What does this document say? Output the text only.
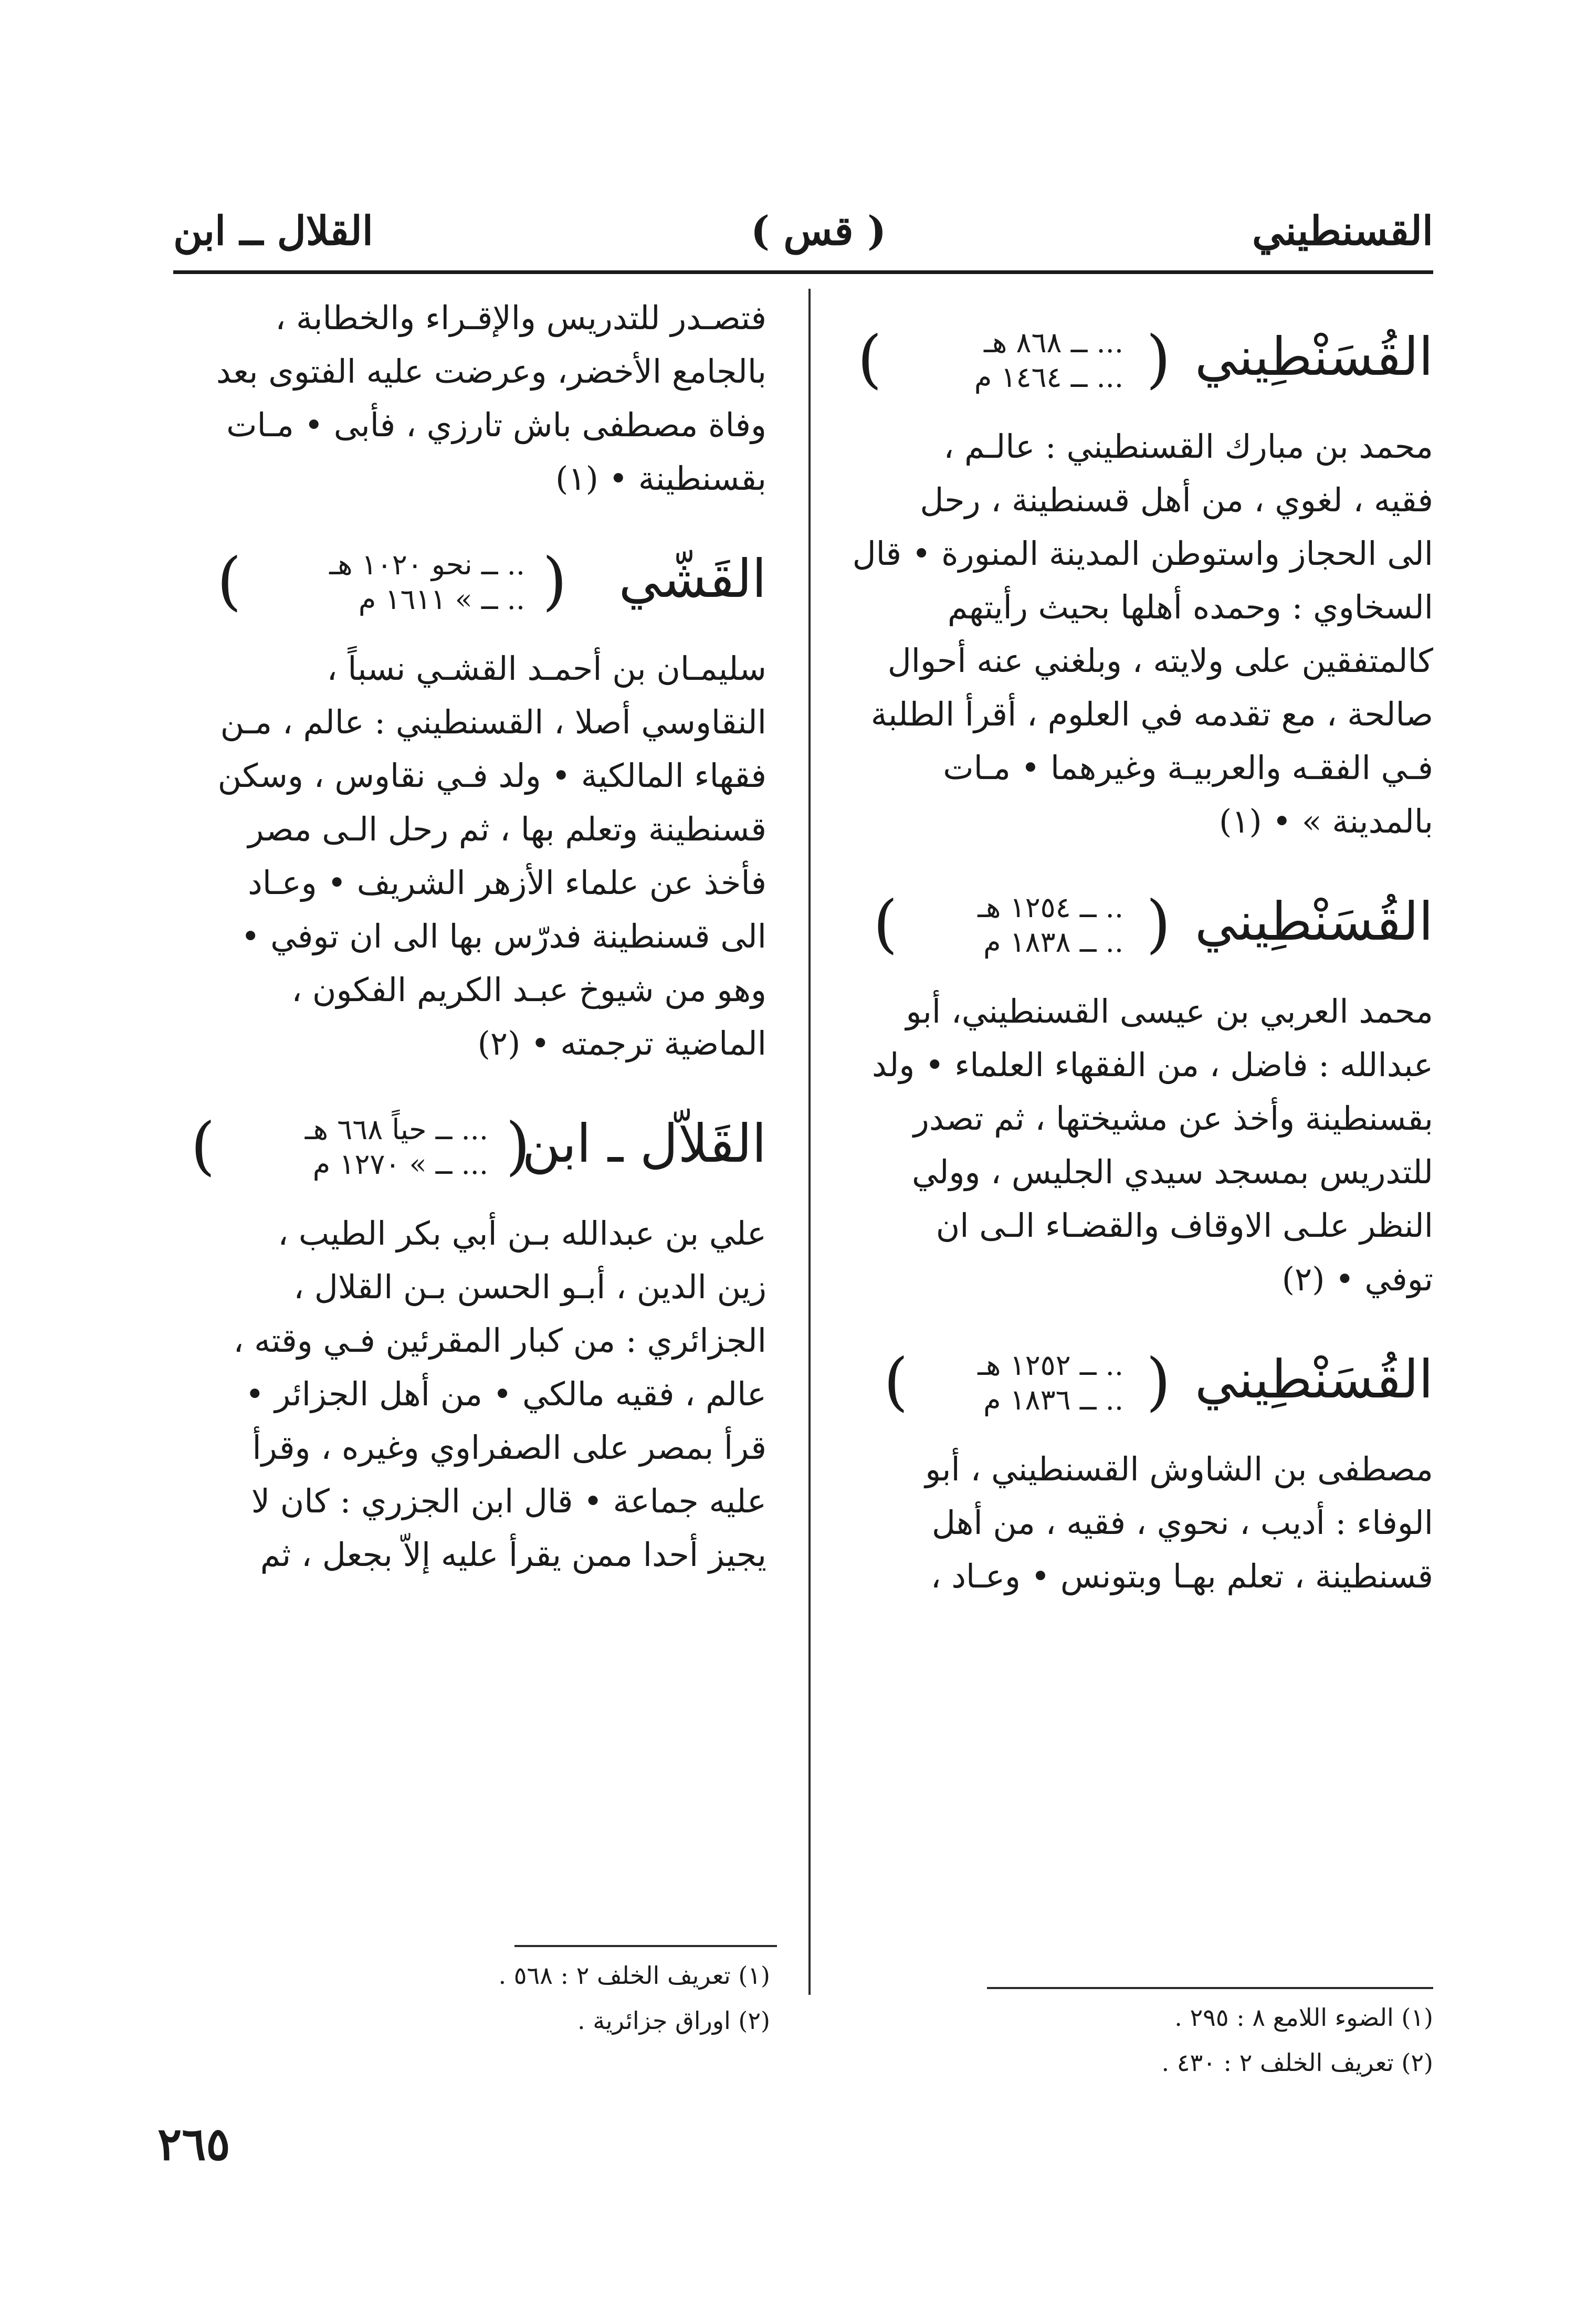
القسنطيني
( قس )
القلال ــ ابن
القُسَنْطِيني
(
... ــ ٨٦٨ هـ
... ــ ١٤٦٤ م
)
محمد بن مبارك القسنطيني : عالـم ،
فقيه ، لغوي ، من أهل قسنطينة ، رحل
الى الحجاز واستوطن المدينة المنورة • قال
السخاوي : وحمده أهلها بحيث رأيتهم
كالمتفقين على ولايته ، وبلغني عنه أحوال
صالحة ، مع تقدمه في العلوم ، أقرأ الطلبة
فـي الفقـه والعربيـة وغيرهما • مـات
بالمدينة » • (١)
القُسَنْطِيني
(
.. ــ ١٢٥٤ هـ
.. ــ ١٨٣٨ م
)
محمد العربي بن عيسى القسنطيني، أبو
عبدالله : فاضل ، من الفقهاء العلماء • ولد
بقسنطينة وأخذ عن مشيختها ، ثم تصدر
للتدريس بمسجد سيدي الجليس ، وولي
النظر علـى الاوقاف والقضـاء الـى ان
توفي • (٢)
القُسَنْطِيني
(
.. ــ ١٢٥٢ هـ
.. ــ ١٨٣٦ م
)
مصطفى بن الشاوش القسنطيني ، أبو
الوفاء : أديب ، نحوي ، فقيه ، من أهل
قسنطينة ، تعلم بهـا وبتونس • وعـاد ،
(١) الضوء اللامع ٨ : ٢٩٥ .
(٢) تعريف الخلف ٢ : ٤٣٠ .
فتصـدر للتدريس والإقـراء والخطابة ،
بالجامع الأخضر، وعرضت عليه الفتوى بعد
وفاة مصطفى باش تارزي ، فأبى • مـات
بقسنطينة • (١)
القَشّي
(
.. ــ نحو ١٠٢٠ هـ
.. ــ » ١٦١١ م
)
سليمـان بن أحمـد القشـي نسباً ،
النقاوسي أصلا ، القسنطيني : عالم ، مـن
فقهاء المالكية • ولد فـي نقاوس ، وسكن
قسنطينة وتعلم بها ، ثم رحل الـى مصر
فأخذ عن علماء الأزهر الشريف • وعـاد
الى قسنطينة فدرّس بها الى ان توفي •
وهو من شيوخ عبـد الكريم الفكون ،
الماضية ترجمته • (٢)
القَلاّل ـ ابن
(
... ــ حياً ٦٦٨ هـ
... ــ » ١٢٧٠ م
)
علي بن عبدالله بـن أبي بكر الطيب ،
زين الدين ، أبـو الحسن بـن القلال ،
الجزائري : من كبار المقرئين فـي وقته ،
عالم ، فقيه مالكي • من أهل الجزائر •
قرأ بمصر على الصفراوي وغيره ، وقرأ
عليه جماعة • قال ابن الجزري : كان لا
يجيز أحدا ممن يقرأ عليه إلاّ بجعل ، ثم
(١) تعريف الخلف ٢ : ٥٦٨ .
(٢) اوراق جزائرية .
٢٦٥
